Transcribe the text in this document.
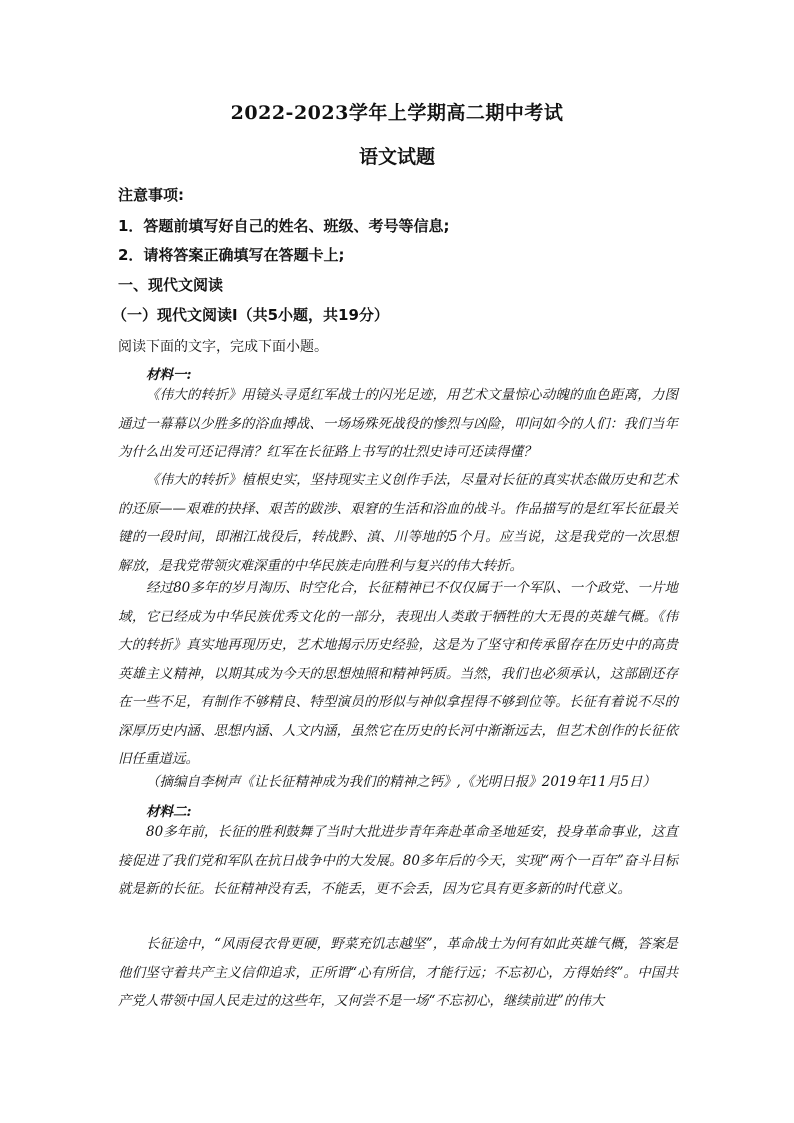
2022-2023学年上学期高二期中考试
语文试题
注意事项:
1．答题前填写好自己的姓名、班级、考号等信息;
2．请将答案正确填写在答题卡上;
一、现代文阅读
（一）现代文阅读Ⅰ（共5小题，共19分）
阅读下面的文字，完成下面小题。
材料一:

《伟大的转折》用镜头寻觅红军战士的闪光足迹，用艺术文量惊心动魄的血色距离，力图通过一幕幕以少胜多的浴血搏战、一场场殊死战役的惨烈与凶险，叩问如今的人们：我们当年为什么出发可还记得清？红军在长征路上书写的壮烈史诗可还读得懂？

《伟大的转折》植根史实，坚持现实主义创作手法，尽量对长征的真实状态做历史和艺术的还原——艰难的抉择、艰苦的跋涉、艰窘的生活和浴血的战斗。作品描写的是红军长征最关键的一段时间，即湘江战役后，转战黔、滇、川等地的5个月。应当说，这是我党的一次思想解放，是我党带领灾难深重的中华民族走向胜利与复兴的伟大转折。

经过80多年的岁月淘历、时空化合，长征精神已不仅仅属于一个军队、一个政党、一片地域，它已经成为中华民族优秀文化的一部分，表现出人类敢于牺牲的大无畏的英雄气概。《伟大的转折》真实地再现历史，艺术地揭示历史经验，这是为了坚守和传承留存在历史中的高贵英雄主义精神，以期其成为今天的思想烛照和精神钙质。当然，我们也必须承认，这部剧还存在一些不足，有制作不够精良、特型演员的形似与神似拿捏得不够到位等。长征有着说不尽的深厚历史内涵、思想内涵、人文内涵，虽然它在历史的长河中渐渐远去，但艺术创作的长征依旧任重道远。

（摘编自李树声《让长征精神成为我们的精神之钙》,《光明日报》2019年11月5日）
材料二:

80多年前，长征的胜利鼓舞了当时大批进步青年奔赴革命圣地延安，投身革命事业，这直接促进了我们党和军队在抗日战争中的大发展。80多年后的今天，实现“两个一百年”奋斗目标就是新的长征。长征精神没有丢，不能丢，更不会丢，因为它具有更多新的时代意义。

长征途中，“风雨侵衣骨更硬，野菜充饥志越坚”，革命战士为何有如此英雄气概，答案是他们坚守着共产主义信仰追求，正所谓“心有所信，才能行远；不忘初心，方得始终”。中国共产党人带领中国人民走过的这些年，又何尝不是一场“不忘初心，继续前进”的伟大
